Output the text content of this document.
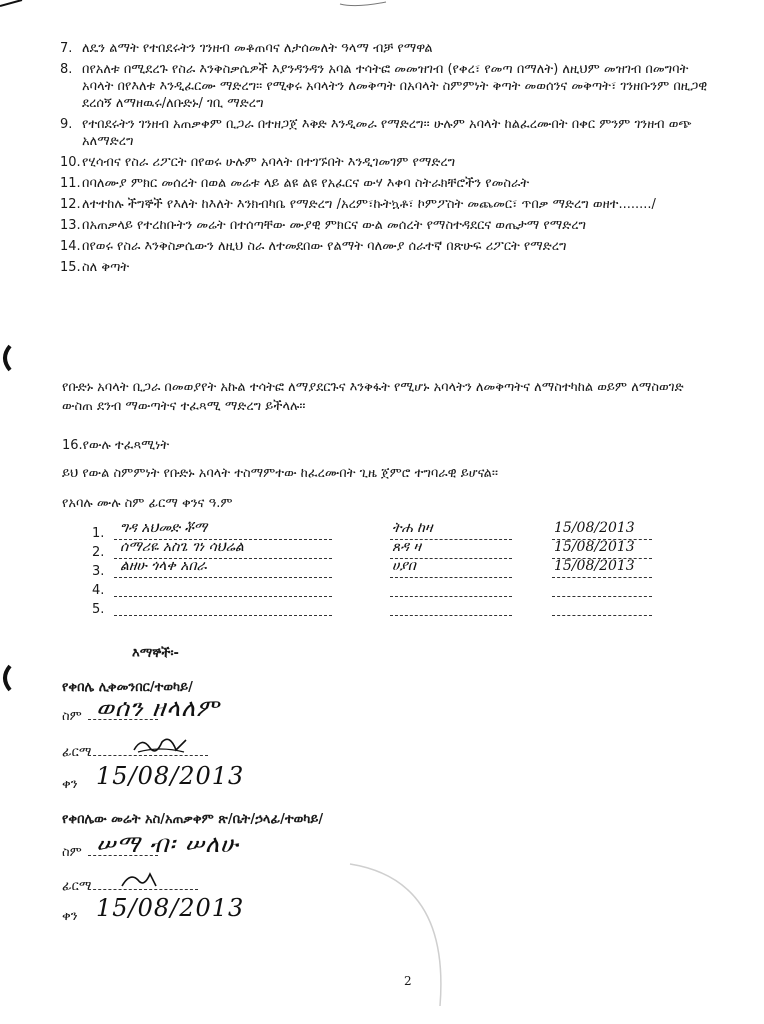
7. ለዴን ልማት የተበደሩትን ገንዘብ መቆጠባና ለታሰመለት ዓላማ ብቻ የማዋል
8. በየአለቱ በሚደረጉ የስራ እንቅስቃሴዎች እያንዳንዳን አባል ተሳትፎ መመዝገብ (የቀረ፣ የመጣ በማለት) ለዚህም መዝገብ በመግባት አባላት በየእለቱ እንዲፈርሙ ማድረግ። የሚቀሩ አባላትን ለመቅጣት በአባላት ስምምነት ቅጣት መወሰንና መቅጣት፣ ገንዘቡንም በዚጋዊ ደረሰኝ ለማዘዉሩ/ለቡድኑ/ ገቢ ማድረግ
9. የተበደሩትን ገንዘብ አጠቃቀም ቢጋራ በተዘጋጀ እቅድ እንዲመራ የማድረግ፡፡ ሁሉም አባላት ከልፈረሙበት በቀር ምንም ገንዘብ ወጭ አለማድረግ
10. የሂሳብና የስራ ሪፖርት በየወሩ ሁሉም አባላት በተገኙበት እንዲገመገም የማድረግ
11. በባለሙያ ምክር መሰረት በወል መሬቱ ላይ ልዩ ልዩ የአፈርና ውሃ እቀባ ስትራክቸሮችን የመስራት
12. ለተተከሉ ችግኞች የእለት ከእለት እንክብካቤ የማድረግ /አረም፣ኩትኳቶ፣ ኮምፖስት መጨመር፣ ጥበቃ ማድረግ ወዘተ......../
13. በአጠቃላይ የተረከቡትን መሬት በተሰጣቸው ሙያዊ ምክርና ውል መሰረት የማስተዳደርና ወጤታማ የማድረግ
14. በየወሩ የስራ እንቅስቃሴውን ለዚህ ስራ ለተመደበው የልማት ባለሙያ ሰራተኛ በጽሁፍ ሪፖርት የማድረግ
15. ስለ ቅጣት
የቡድኑ አባላት ቢጋራ በመወያየት አኩል ተሳትፎ ለማያደርጉና እንቅፋት የሚሆኑ አባላትን ለመቅጣትና ለማስተካከል ወይም ለማስወገድ ውስጠ ደንብ ማውጣትና ተፈጻሚ ማድረግ ይችላሉ፡፡
16.የውሉ ተፈጻሚነት
ይህ የውል ስምምነት የቡድኑ አባላት ተስማምተው ከፈረሙበት ጊዜ ጀምሮ ተግባራዊ ይሆናል፡፡
የአባሉ ሙሉ ስም ፊርማ ቀንና ዓ.ም
1.	ግዳ አህመድ ቾማ	ትሐ ከዛ	15/08/2013
2.	ሰማሪዬ አስጌ ገነ ሳህሬል	ጸዳ ዛ	15/08/2013
3.	ልዘሁ ጎላቀ አበራ	ሀያበ	15/08/2013
4.
5.
እማኞች፡-
የቀበሌ ሊቀመንበር/ተወካይ/
ስም ወሰን ዘላለም
ፊርማ
ቀን 15/08/2013
የቀበሌው መሬት አስ/አጠቃቀም ጽ/ቤት/ኃላፊ/ተወካይ/
ስም ሠማ ብ፡ ሠለሁ
ፊርማ
ቀን 15/08/2013
2
